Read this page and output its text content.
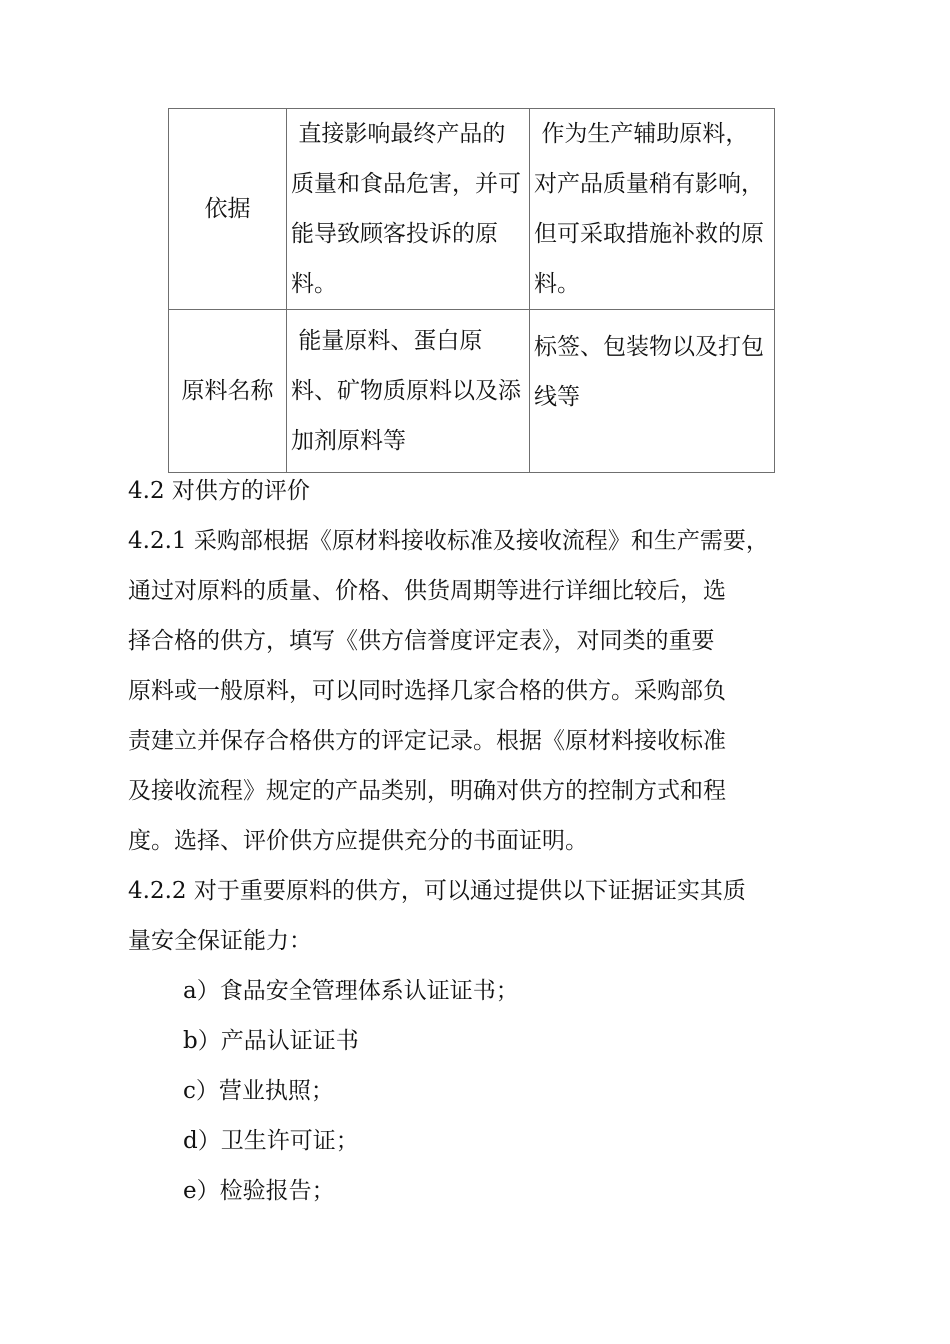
依据	直接影响最终产品的质量和食品危害，并可能导致顾客投诉的原料。	作为生产辅助原料，对产品质量稍有影响，但可采取措施补救的原料。
原料名称	能量原料、蛋白原料、矿物质原料以及添加剂原料等	标签、包装物以及打包线等
4.2 对供方的评价
4.2.1 采购部根据《原材料接收标准及接收流程》和生产需要，
通过对原料的质量、价格、供货周期等进行详细比较后，选
择合格的供方，填写《供方信誉度评定表》，对同类的重要
原料或一般原料，可以同时选择几家合格的供方。采购部负
责建立并保存合格供方的评定记录。根据《原材料接收标准
及接收流程》规定的产品类别，明确对供方的控制方式和程
度。选择、评价供方应提供充分的书面证明。
4.2.2 对于重要原料的供方，可以通过提供以下证据证实其质
量安全保证能力：
a）食品安全管理体系认证证书；
b）产品认证证书
c）营业执照；
d）卫生许可证；
e）检验报告；
